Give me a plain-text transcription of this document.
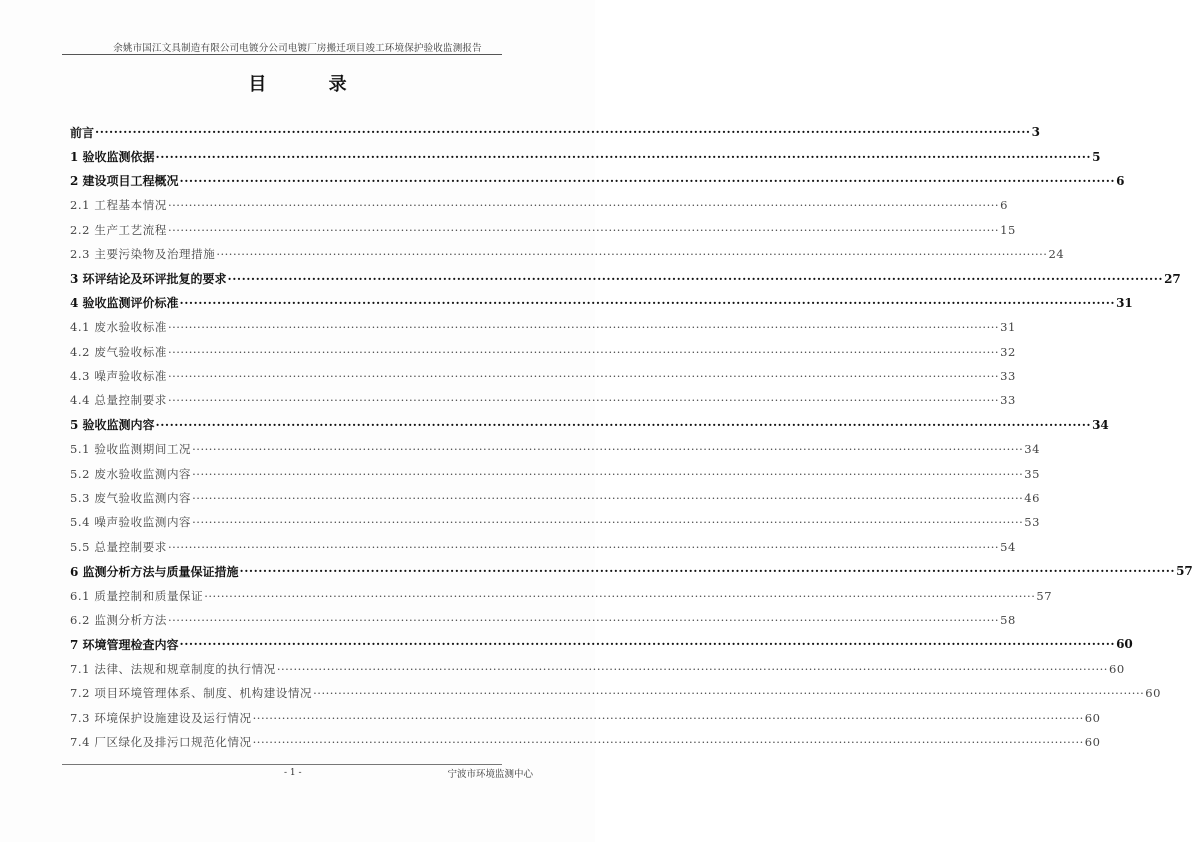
余姚市国江文具制造有限公司电镀分公司电镀厂房搬迁项目竣工环境保护验收监测报告
目 录
前言 ········································································································································································································ 3
1 验收监测依据 ········································································································································································································ 5
2 建设项目工程概况 ········································································································································································································ 6
2.1 工程基本情况 ········································································································································································································ 6
2.2 生产工艺流程 ········································································································································································································ 15
2.3 主要污染物及治理措施 ········································································································································································································ 24
3 环评结论及环评批复的要求 ········································································································································································································ 27
4 验收监测评价标准 ········································································································································································································ 31
4.1 废水验收标准 ········································································································································································································ 31
4.2 废气验收标准 ········································································································································································································ 32
4.3 噪声验收标准 ········································································································································································································ 33
4.4 总量控制要求 ········································································································································································································ 33
5 验收监测内容 ········································································································································································································ 34
5.1 验收监测期间工况 ········································································································································································································ 34
5.2 废水验收监测内容 ········································································································································································································ 35
5.3 废气验收监测内容 ········································································································································································································ 46
5.4 噪声验收监测内容 ········································································································································································································ 53
5.5 总量控制要求 ········································································································································································································ 54
6 监测分析方法与质量保证措施 ········································································································································································································ 57
6.1 质量控制和质量保证 ········································································································································································································ 57
6.2 监测分析方法 ········································································································································································································ 58
7 环境管理检查内容 ········································································································································································································ 60
7.1 法律、法规和规章制度的执行情况 ········································································································································································································ 60
7.2 项目环境管理体系、制度、机构建设情况 ········································································································································································································ 60
7.3 环境保护设施建设及运行情况 ········································································································································································································ 60
7.4 厂区绿化及排污口规范化情况 ········································································································································································································ 60
- 1 -	宁波市环境监测中心
